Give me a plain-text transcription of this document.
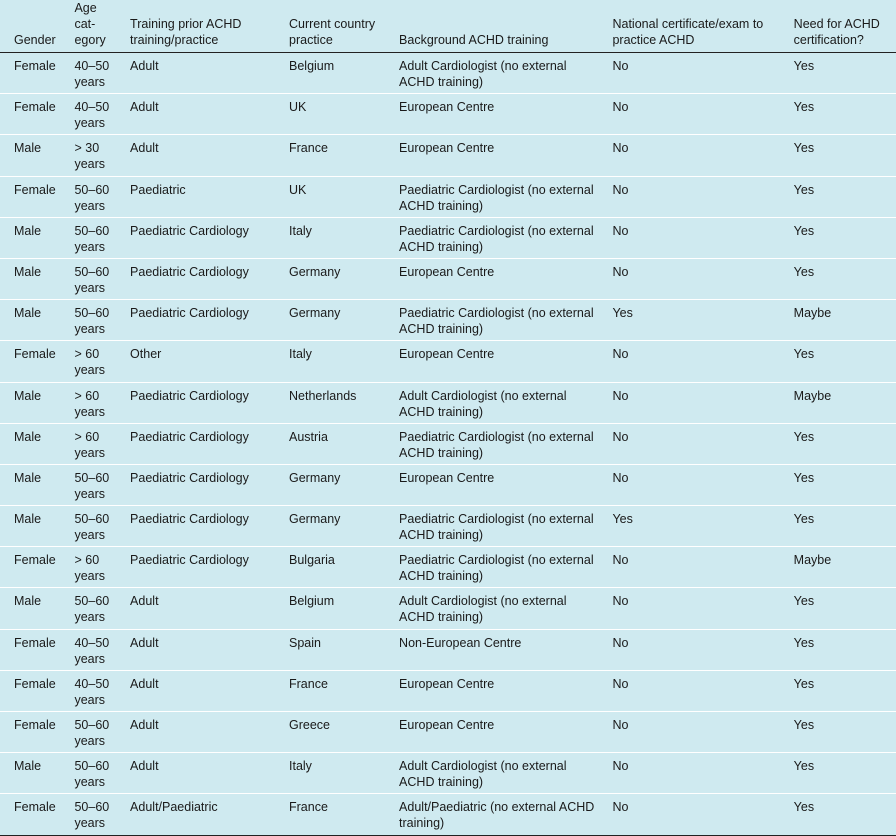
Gender	Age cat-egory	Training prior ACHD training/practice	Current country practice	Background ACHD training	National certificate/exam to practice ACHD	Need for ACHD certification?
Female	40–50 years	Adult	Belgium	Adult Cardiologist (no external ACHD training)	No	Yes
Female	40–50 years	Adult	UK	European Centre	No	Yes
Male	> 30 years	Adult	France	European Centre	No	Yes
Female	50–60 years	Paediatric	UK	Paediatric Cardiologist (no external ACHD training)	No	Yes
Male	50–60 years	Paediatric Cardiology	Italy	Paediatric Cardiologist (no external ACHD training)	No	Yes
Male	50–60 years	Paediatric Cardiology	Germany	European Centre	No	Yes
Male	50–60 years	Paediatric Cardiology	Germany	Paediatric Cardiologist (no external ACHD training)	Yes	Maybe
Female	> 60 years	Other	Italy	European Centre	No	Yes
Male	> 60 years	Paediatric Cardiology	Netherlands	Adult Cardiologist (no external ACHD training)	No	Maybe
Male	> 60 years	Paediatric Cardiology	Austria	Paediatric Cardiologist (no external ACHD training)	No	Yes
Male	50–60 years	Paediatric Cardiology	Germany	European Centre	No	Yes
Male	50–60 years	Paediatric Cardiology	Germany	Paediatric Cardiologist (no external ACHD training)	Yes	Yes
Female	> 60 years	Paediatric Cardiology	Bulgaria	Paediatric Cardiologist (no external ACHD training)	No	Maybe
Male	50–60 years	Adult	Belgium	Adult Cardiologist (no external ACHD training)	No	Yes
Female	40–50 years	Adult	Spain	Non-European Centre	No	Yes
Female	40–50 years	Adult	France	European Centre	No	Yes
Female	50–60 years	Adult	Greece	European Centre	No	Yes
Male	50–60 years	Adult	Italy	Adult Cardiologist (no external ACHD training)	No	Yes
Female	50–60 years	Adult/Paediatric	France	Adult/Paediatric (no external ACHD training)	No	Yes
